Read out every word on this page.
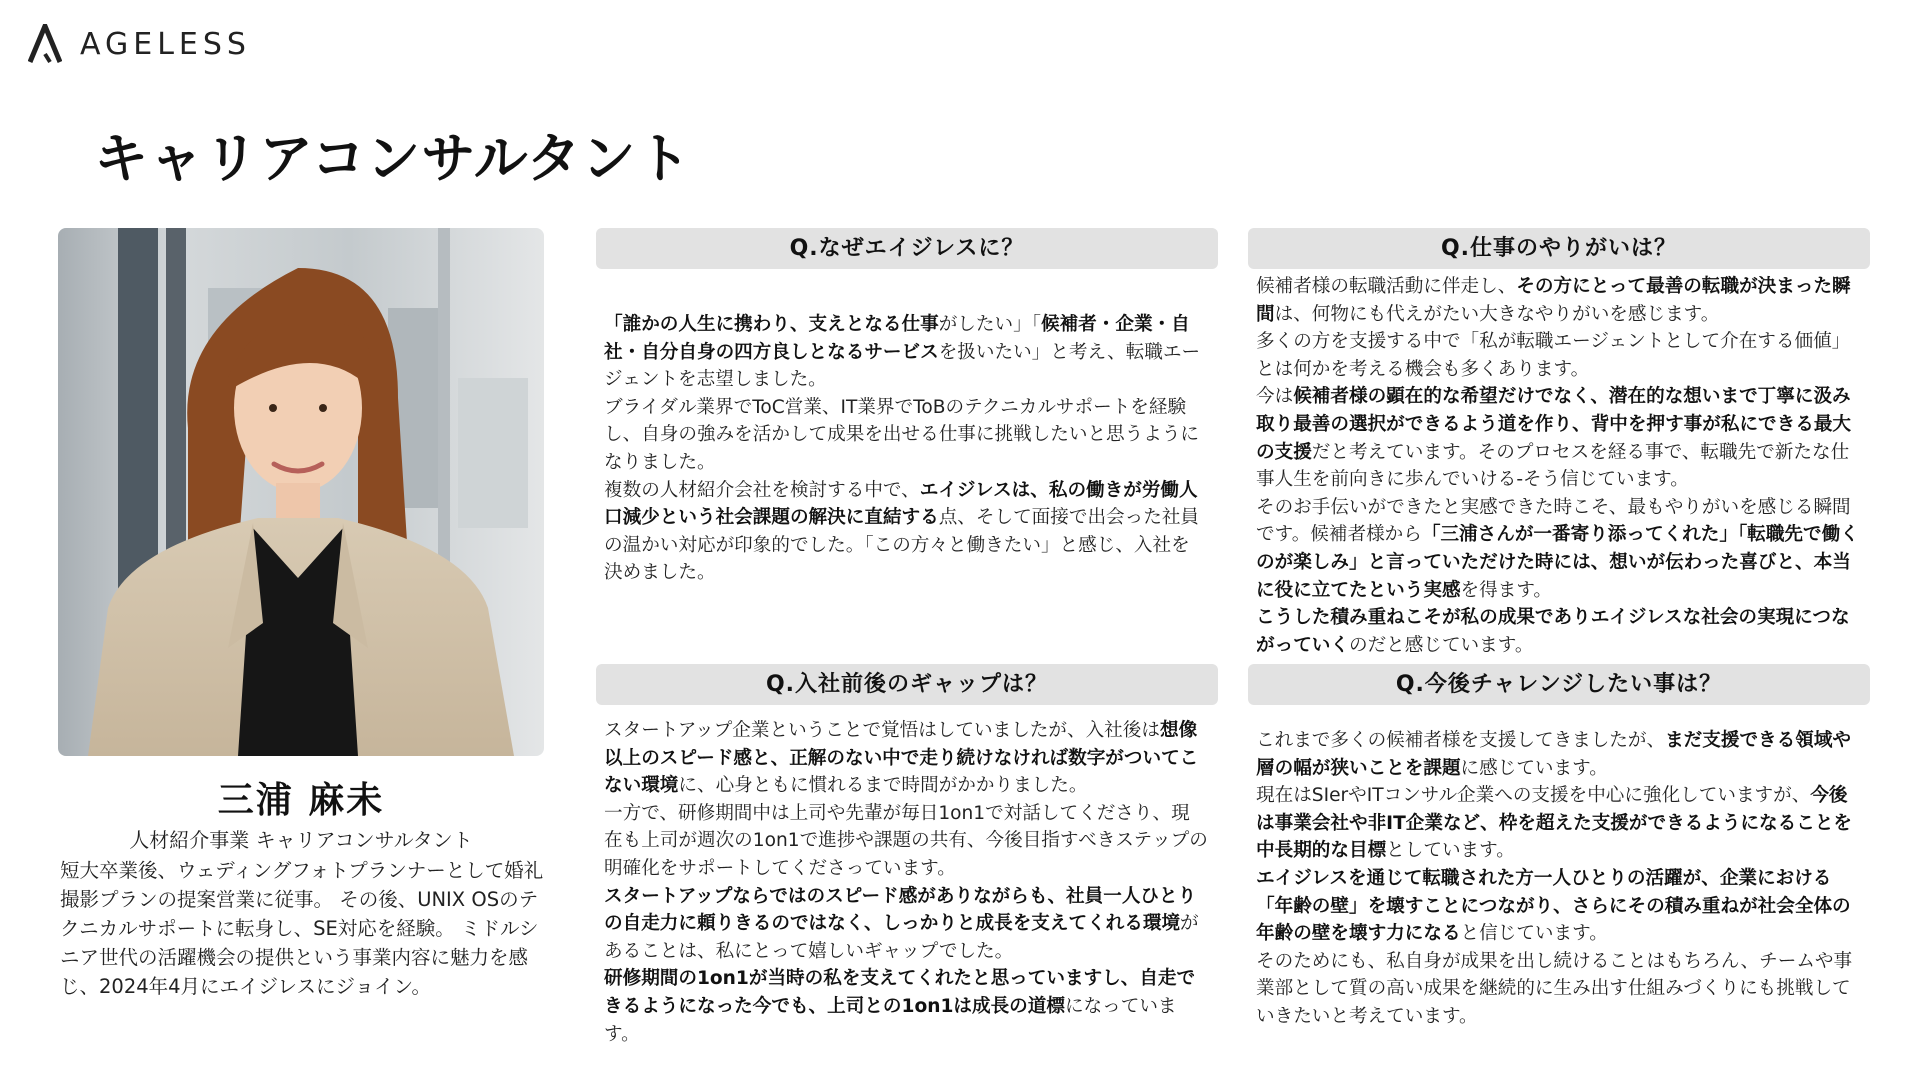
AGELESS
キャリアコンサルタント
三浦 麻未
人材紹介事業 キャリアコンサルタント

短大卒業後、ウェディングフォトプランナーとして婚礼撮影プランの提案営業に従事。 その後、UNIX OSのテクニカルサポートに転身し、SE対応を経験。 ミドルシニア世代の活躍機会の提供という事業内容に魅力を感じ、2024年4月にエイジレスにジョイン。

Q.なぜエイジレスに？

「誰かの人生に携わり、支えとなる仕事がしたい」「候補者・企業・自社・自分自身の四方良しとなるサービスを扱いたい」と考え、転職エージェントを志望しました。

ブライダル業界でToC営業、IT業界でToBのテクニカルサポートを経験し、自身の強みを活かして成果を出せる仕事に挑戦したいと思うようになりました。

複数の人材紹介会社を検討する中で、エイジレスは、私の働きが労働人口減少という社会課題の解決に直結する点、そして面接で出会った社員の温かい対応が印象的でした。「この方々と働きたい」と感じ、入社を決めました。

Q.仕事のやりがいは？

候補者様の転職活動に伴走し、その方にとって最善の転職が決まった瞬間は、何物にも代えがたい大きなやりがいを感じます。

多くの方を支援する中で「私が転職エージェントとして介在する価値」とは何かを考える機会も多くあります。

今は候補者様の顕在的な希望だけでなく、潜在的な想いまで丁寧に汲み取り最善の選択ができるよう道を作り、背中を押す事が私にできる最大の支援だと考えています。そのプロセスを経る事で、転職先で新たな仕事人生を前向きに歩んでいける-そう信じています。

そのお手伝いができたと実感できた時こそ、最もやりがいを感じる瞬間です。候補者様から「三浦さんが一番寄り添ってくれた」「転職先で働くのが楽しみ」と言っていただけた時には、想いが伝わった喜びと、本当に役に立てたという実感を得ます。

こうした積み重ねこそが私の成果でありエイジレスな社会の実現につながっていくのだと感じています。

Q.入社前後のギャップは？

スタートアップ企業ということで覚悟はしていましたが、入社後は想像以上のスピード感と、正解のない中で走り続けなければ数字がついてこない環境に、心身ともに慣れるまで時間がかかりました。

一方で、研修期間中は上司や先輩が毎日1on1で対話してくださり、現在も上司が週次の1on1で進捗や課題の共有、今後目指すべきステップの明確化をサポートしてくださっています。

スタートアップならではのスピード感がありながらも、社員一人ひとりの自走力に頼りきるのではなく、しっかりと成長を支えてくれる環境があることは、私にとって嬉しいギャップでした。

研修期間の1on1が当時の私を支えてくれたと思っていますし、自走できるようになった今でも、上司との1on1は成長の道標になっています。

Q.今後チャレンジしたい事は？

これまで多くの候補者様を支援してきましたが、まだ支援できる領域や層の幅が狭いことを課題に感じています。

現在はSIerやITコンサル企業への支援を中心に強化していますが、今後は事業会社や非IT企業など、枠を超えた支援ができるようになることを中長期的な目標としています。

エイジレスを通じて転職された方一人ひとりの活躍が、企業における「年齢の壁」を壊すことにつながり、さらにその積み重ねが社会全体の年齢の壁を壊す力になると信じています。

そのためにも、私自身が成果を出し続けることはもちろん、チームや事業部として質の高い成果を継続的に生み出す仕組みづくりにも挑戦していきたいと考えています。
